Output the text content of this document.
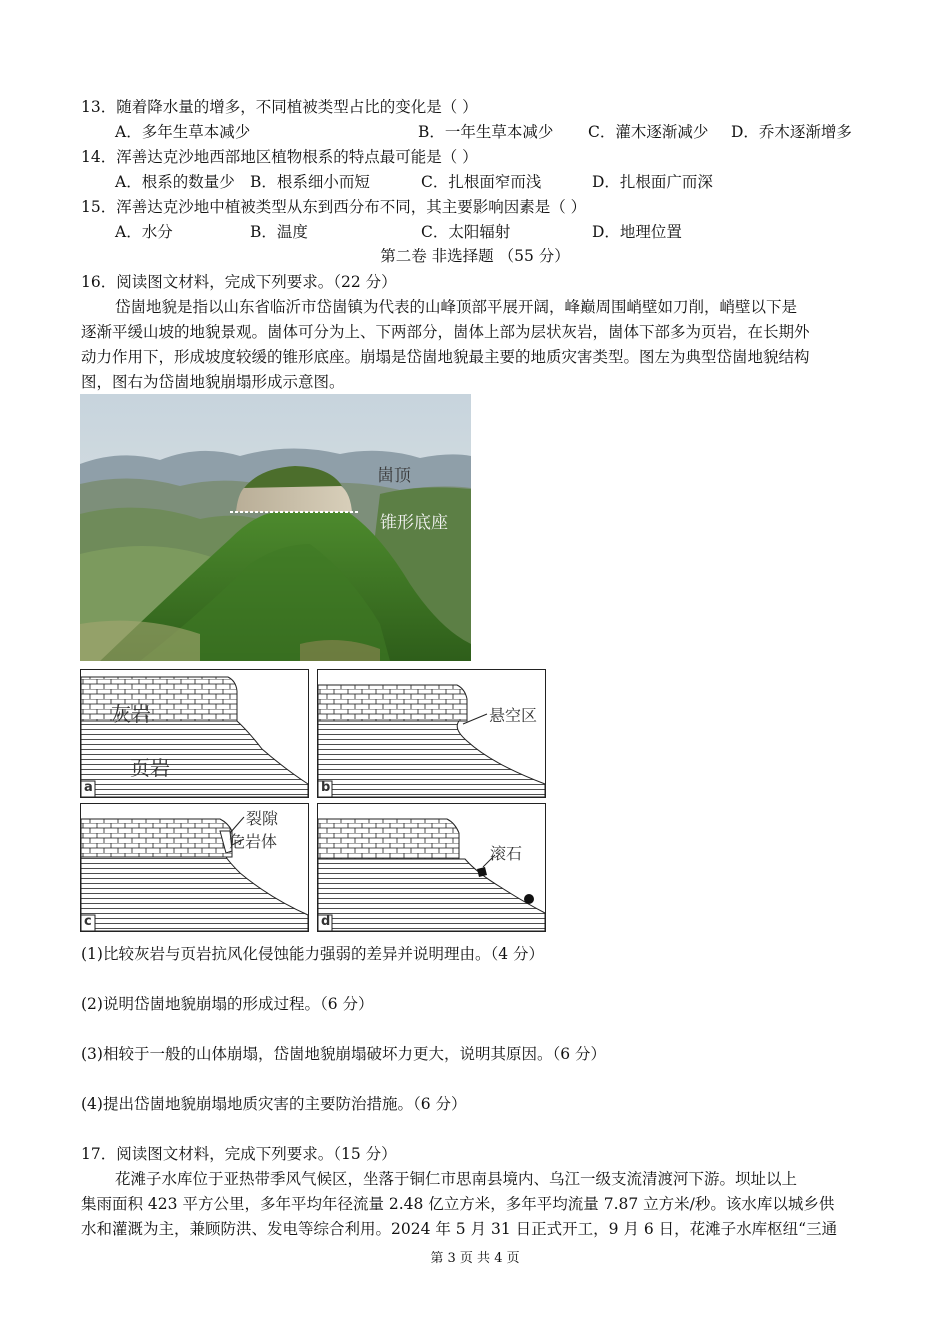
13．随着降水量的增多，不同植被类型占比的变化是（ ）
A．多年生草本减少	B．一年生草本减少 C．灌木逐渐减少 D．乔木逐渐增多
14．浑善达克沙地西部地区植物根系的特点最可能是（ ）
A．根系的数量少 B．根系细小而短	C．扎根面窄而浅	D．扎根面广而深
15．浑善达克沙地中植被类型从东到西分布不同，其主要影响因素是（ ）
A．水分	B．温度	C．太阳辐射	D．地理位置
第二卷 非选择题 （55 分）
16．阅读图文材料，完成下列要求。（22 分）
岱崮地貌是指以山东省临沂市岱崮镇为代表的山峰顶部平展开阔，峰巅周围峭壁如刀削，峭壁以下是
逐渐平缓山坡的地貌景观。崮体可分为上、下两部分，崮体上部为层状灰岩，崮体下部多为页岩，在长期外
动力作用下，形成坡度较缓的锥形底座。崩塌是岱崮地貌最主要的地质灾害类型。图左为典型岱崮地貌结构
图，图右为岱崮地貌崩塌形成示意图。
崮顶
锥形底座
灰岩
页岩
a
悬空区
b
裂隙
危岩体
c
滚石
d
(1)比较灰岩与页岩抗风化侵蚀能力强弱的差异并说明理由。（4 分）
(2)说明岱崮地貌崩塌的形成过程。（6 分）
(3)相较于一般的山体崩塌，岱崮地貌崩塌破坏力更大，说明其原因。（6 分）
(4)提出岱崮地貌崩塌地质灾害的主要防治措施。（6 分）
17．阅读图文材料，完成下列要求。（15 分）
花滩子水库位于亚热带季风气候区，坐落于铜仁市思南县境内、乌江一级支流清渡河下游。坝址以上
集雨面积 423 平方公里，多年平均年径流量 2.48 亿立方米，多年平均流量 7.87 立方米/秒。该水库以城乡供
水和灌溉为主，兼顾防洪、发电等综合利用。2024 年 5 月 31 日正式开工，9 月 6 日，花滩子水库枢纽“三通
第 3 页 共 4 页
